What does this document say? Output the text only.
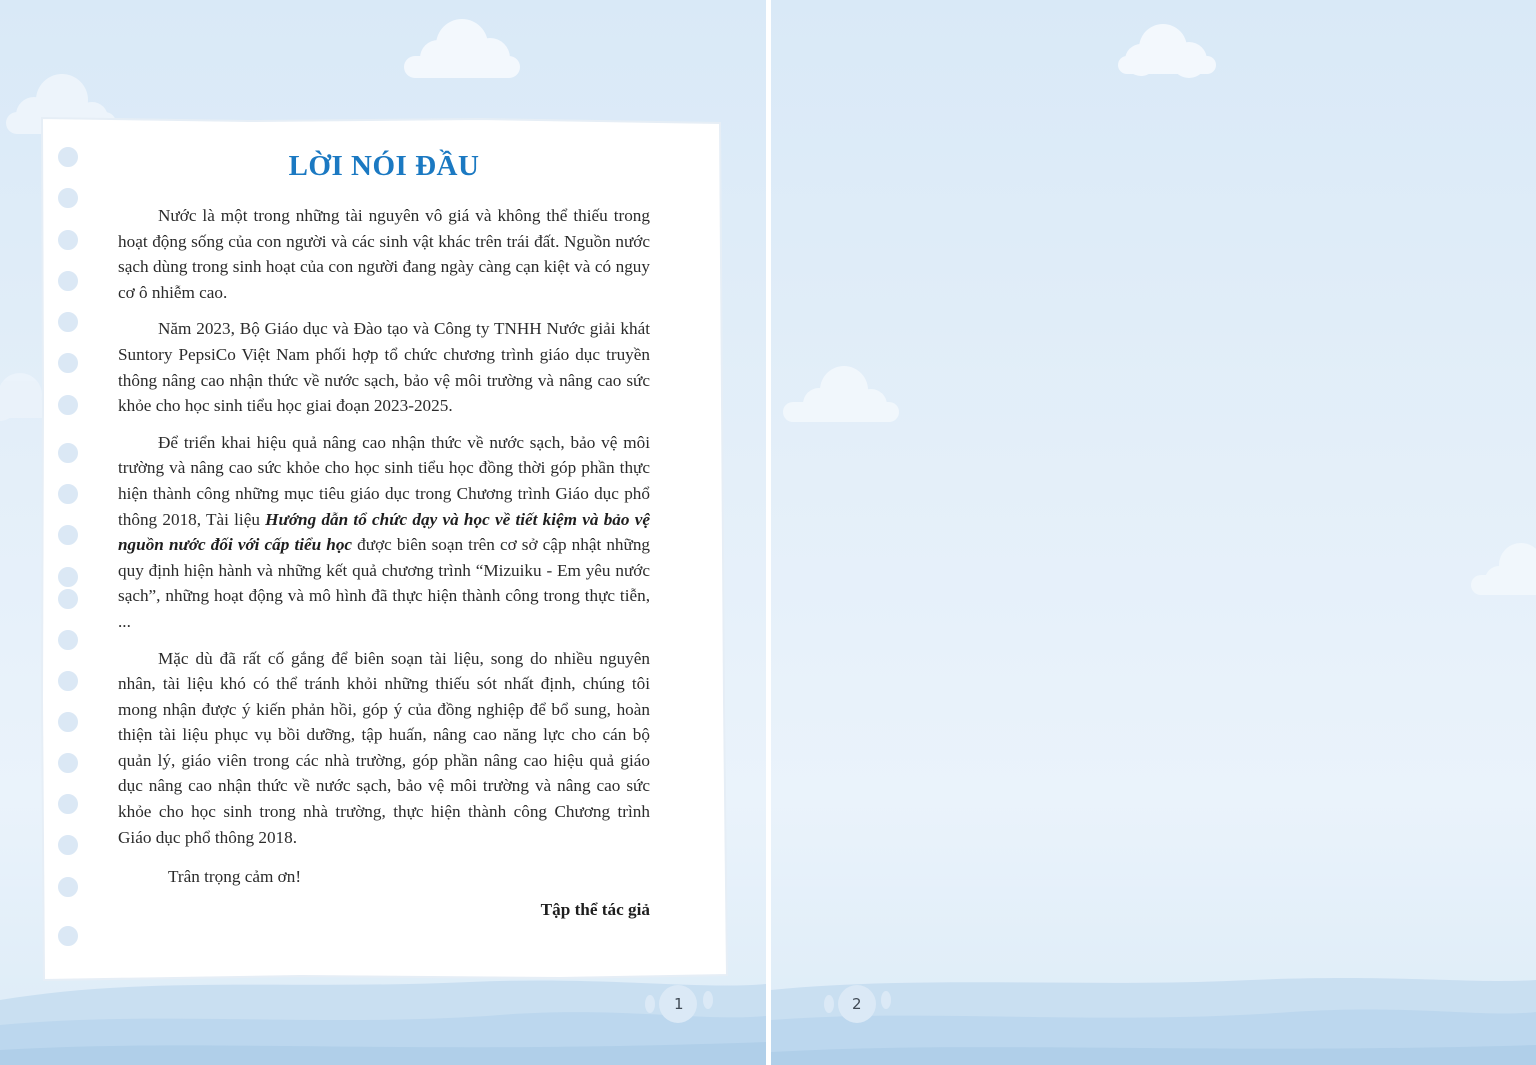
LỜI NÓI ĐẦU

Nước là một trong những tài nguyên vô giá và không thể thiếu trong hoạt động sống của con người và các sinh vật khác trên trái đất. Nguồn nước sạch dùng trong sinh hoạt của con người đang ngày càng cạn kiệt và có nguy cơ ô nhiễm cao.

Năm 2023, Bộ Giáo dục và Đào tạo và Công ty TNHH Nước giải khát Suntory PepsiCo Việt Nam phối hợp tổ chức chương trình giáo dục truyền thông nâng cao nhận thức về nước sạch, bảo vệ môi trường và nâng cao sức khỏe cho học sinh tiểu học giai đoạn 2023-2025.

Để triển khai hiệu quả nâng cao nhận thức về nước sạch, bảo vệ môi trường và nâng cao sức khỏe cho học sinh tiểu học đồng thời góp phần thực hiện thành công những mục tiêu giáo dục trong Chương trình Giáo dục phổ thông 2018, Tài liệu Hướng dẫn tổ chức dạy và học về tiết kiệm và bảo vệ nguồn nước đối với cấp tiểu học được biên soạn trên cơ sở cập nhật những quy định hiện hành và những kết quả chương trình “Mizuiku - Em yêu nước sạch”, những hoạt động và mô hình đã thực hiện thành công trong thực tiễn, ...

Mặc dù đã rất cố gắng để biên soạn tài liệu, song do nhiều nguyên nhân, tài liệu khó có thể tránh khỏi những thiếu sót nhất định, chúng tôi mong nhận được ý kiến phản hồi, góp ý của đồng nghiệp để bổ sung, hoàn thiện tài liệu phục vụ bồi dưỡng, tập huấn, nâng cao năng lực cho cán bộ quản lý, giáo viên trong các nhà trường, góp phần nâng cao hiệu quả giáo dục nâng cao nhận thức về nước sạch, bảo vệ môi trường và nâng cao sức khỏe cho học sinh trong nhà trường, thực hiện thành công Chương trình Giáo dục phổ thông 2018.

Trân trọng cảm ơn!
Tập thể tác giả
1	2
